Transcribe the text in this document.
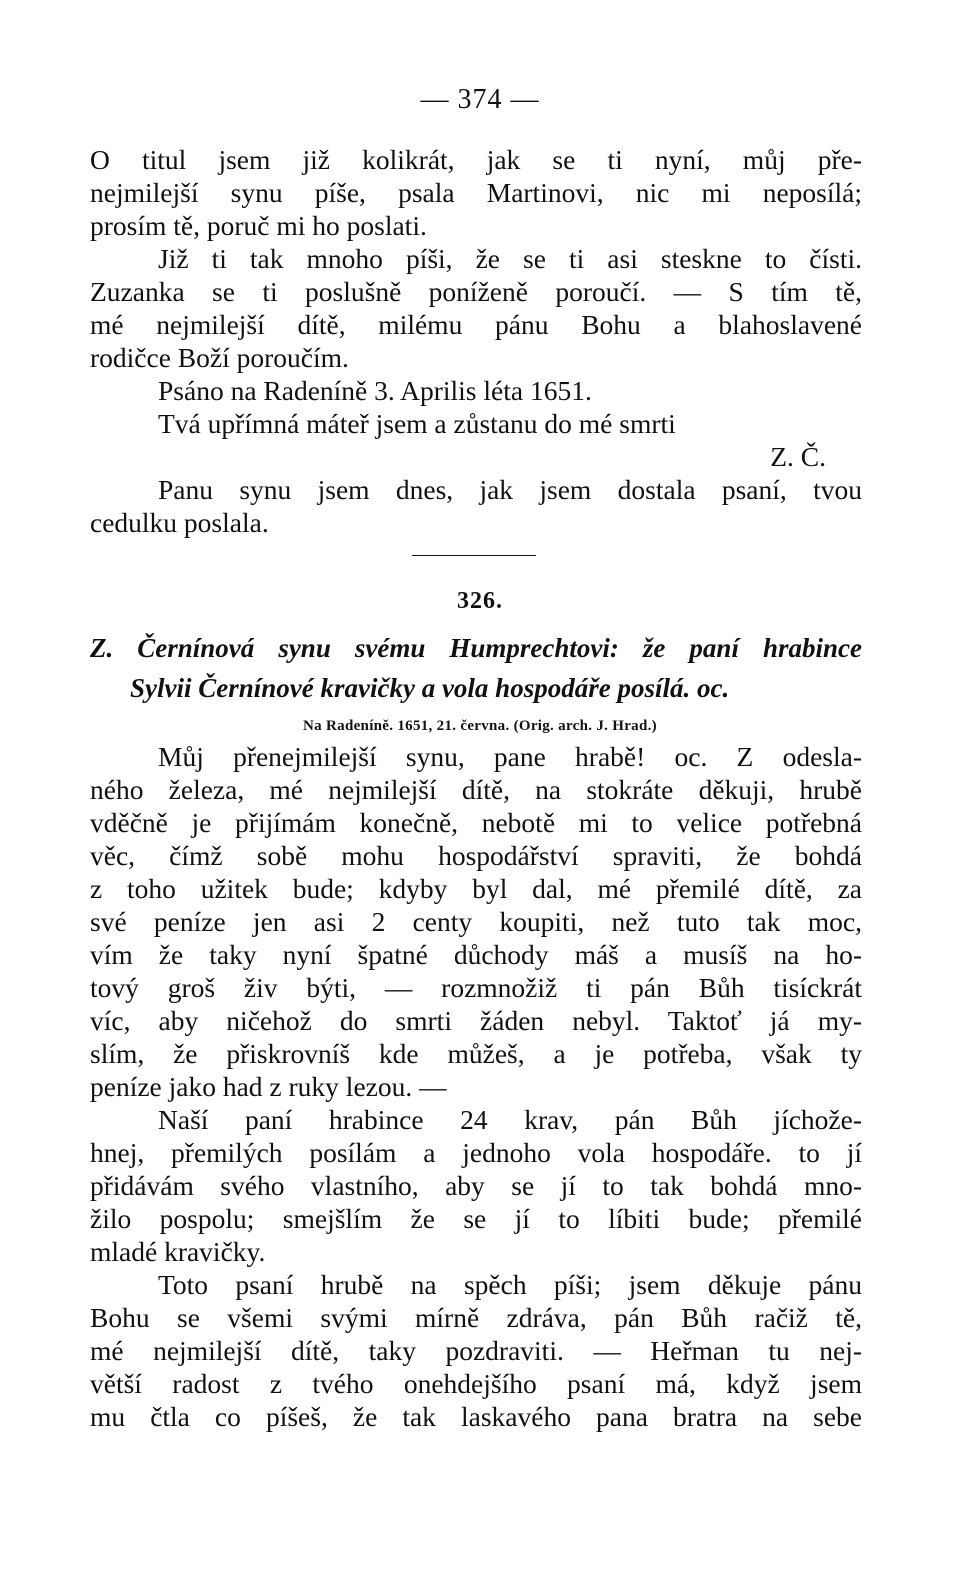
— 374 —
O titul jsem již kolikrát, jak se ti nyní, můj pře-
nejmilejší synu píše, psala Martinovi, nic mi neposílá;
prosím tě, poruč mi ho poslati.
Již ti tak mnoho píši, že se ti asi steskne to čísti.
Zuzanka se ti poslušně poníženě poroučí. — S tím tě,
mé nejmilejší dítě, milému pánu Bohu a blahoslavené
rodičce Boží poroučím.
Psáno na Radeníně 3. Aprilis léta 1651.
Tvá upřímná máteř jsem a zůstanu do mé smrti
Z. Č.
Panu synu jsem dnes, jak jsem dostala psaní, tvou
cedulku poslala.
326.
Z. Černínová synu svému Humprechtovi: že paní hrabince
Sylvii Černínové kravičky a vola hospodáře posílá. oc.
Na Radeníně. 1651, 21. června. (Orig. arch. J. Hrad.)
Můj přenejmilejší synu, pane hrabě! oc. Z odesla-
ného železa, mé nejmilejší dítě, na stokráte děkuji, hrubě
vděčně je přijímám konečně, nebotě mi to velice potřebná
věc, čímž sobě mohu hospodářství spraviti, že bohdá
z toho užitek bude; kdyby byl dal, mé přemilé dítě, za
své peníze jen asi 2 centy koupiti, než tuto tak moc,
vím že taky nyní špatné důchody máš a musíš na ho-
tový groš živ býti, — rozmnožiž ti pán Bůh tisíckrát
víc, aby ničehož do smrti žáden nebyl. Taktoť já my-
slím, že přiskrovníš kde můžeš, a je potřeba, však ty
peníze jako had z ruky lezou. —
Naší paní hrabince 24 krav, pán Bůh jíchože-
hnej, přemilých posílám a jednoho vola hospodáře. to jí
přidávám svého vlastního, aby se jí to tak bohdá mno-
žilo pospolu; smejšlím že se jí to líbiti bude; přemilé
mladé kravičky.
Toto psaní hrubě na spěch píši; jsem děkuje pánu
Bohu se všemi svými mírně zdráva, pán Bůh račiž tě,
mé nejmilejší dítě, taky pozdraviti. — Heřman tu nej-
větší radost z tvého onehdejšího psaní má, když jsem
mu čtla co píšeš, že tak laskavého pana bratra na sebe
